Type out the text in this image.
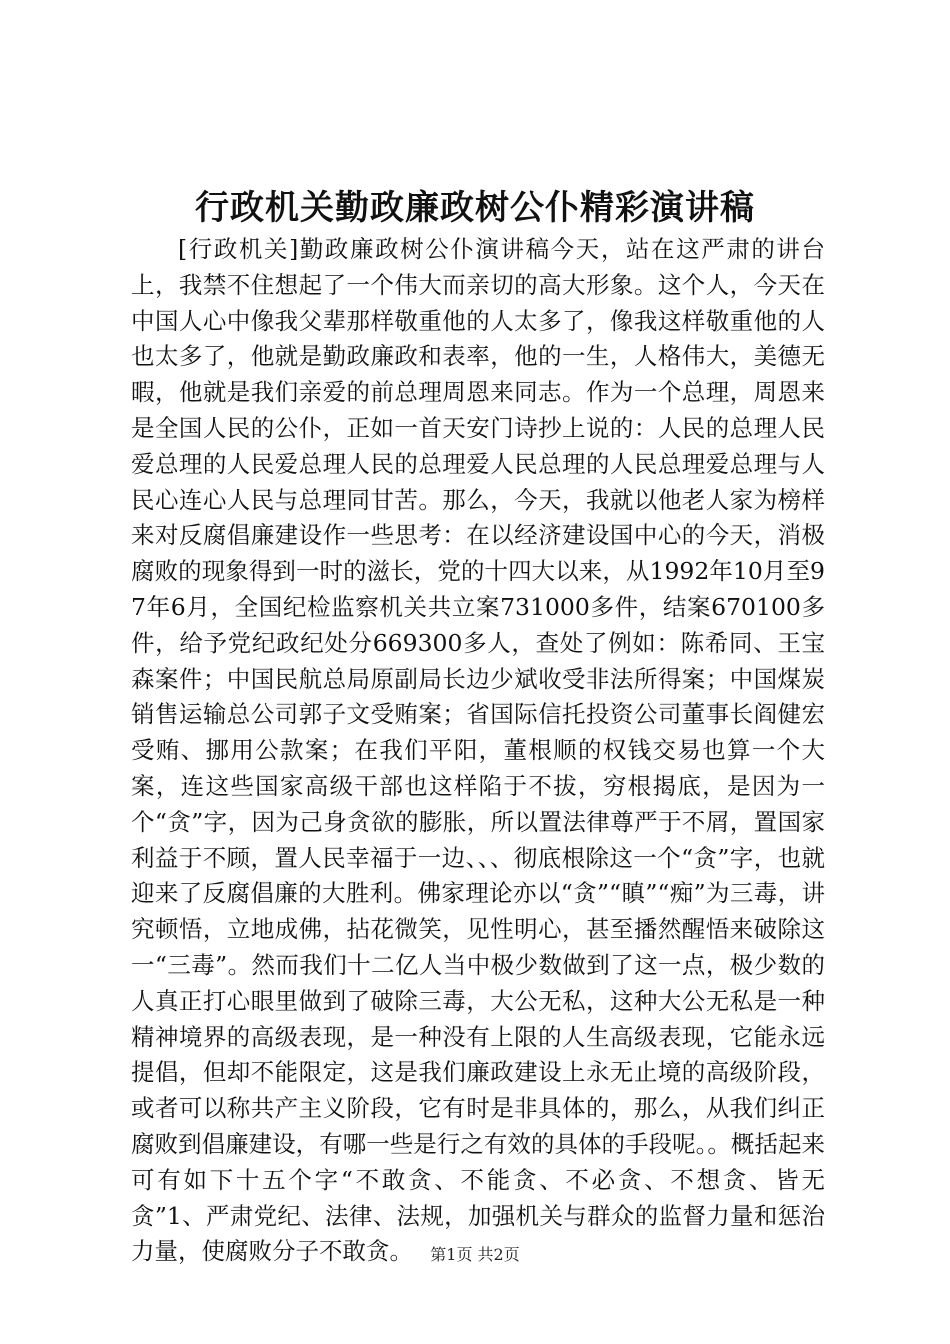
行政机关勤政廉政树公仆精彩演讲稿

[行政机关]勤政廉政树公仆演讲稿今天，站在这严肃的讲台上，我禁不住想起了一个伟大而亲切的高大形象。这个人，今天在中国人心中像我父辈那样敬重他的人太多了，像我这样敬重他的人也太多了，他就是勤政廉政和表率，他的一生，人格伟大，美德无暇，他就是我们亲爱的前总理周恩来同志。作为一个总理，周恩来是全国人民的公仆，正如一首天安门诗抄上说的：人民的总理人民爱总理的人民爱总理人民的总理爱人民总理的人民总理爱总理与人民心连心人民与总理同甘苦。那么，今天，我就以他老人家为榜样来对反腐倡廉建设作一些思考：在以经济建设国中心的今天，消极腐败的现象得到一时的滋长，党的十四大以来，从1992年10月至97年6月，全国纪检监察机关共立案731000多件，结案670100多件，给予党纪政纪处分669300多人，查处了例如：陈希同、王宝森案件；中国民航总局原副局长边少斌收受非法所得案；中国煤炭销售运输总公司郭子文受贿案；省国际信托投资公司董事长阎健宏受贿、挪用公款案；在我们平阳，董根顺的权钱交易也算一个大案，连这些国家高级干部也这样陷于不拔，穷根揭底，是因为一个“贪”字，因为己身贪欲的膨胀，所以置法律尊严于不屑，置国家利益于不顾，置人民幸福于一边、、、彻底根除这一个“贪”字，也就迎来了反腐倡廉的大胜利。佛家理论亦以“贪”“瞋”“痴”为三毒，讲究顿悟，立地成佛，拈花微笑，见性明心，甚至播然醒悟来破除这一“三毒”。然而我们十二亿人当中极少数做到了这一点，极少数的人真正打心眼里做到了破除三毒，大公无私，这种大公无私是一种精神境界的高级表现，是一种没有上限的人生高级表现，它能永远提倡，但却不能限定，这是我们廉政建设上永无止境的高级阶段，或者可以称共产主义阶段，它有时是非具体的，那么，从我们纠正腐败到倡廉建设，有哪一些是行之有效的具体的手段呢。。概括起来可有如下十五个字“不敢贪、不能贪、不必贪、不想贪、皆无贪”1、严肃党纪、法律、法规，加强机关与群众的监督力量和惩治力量，使腐败分子不敢贪。	第1页 共2页
